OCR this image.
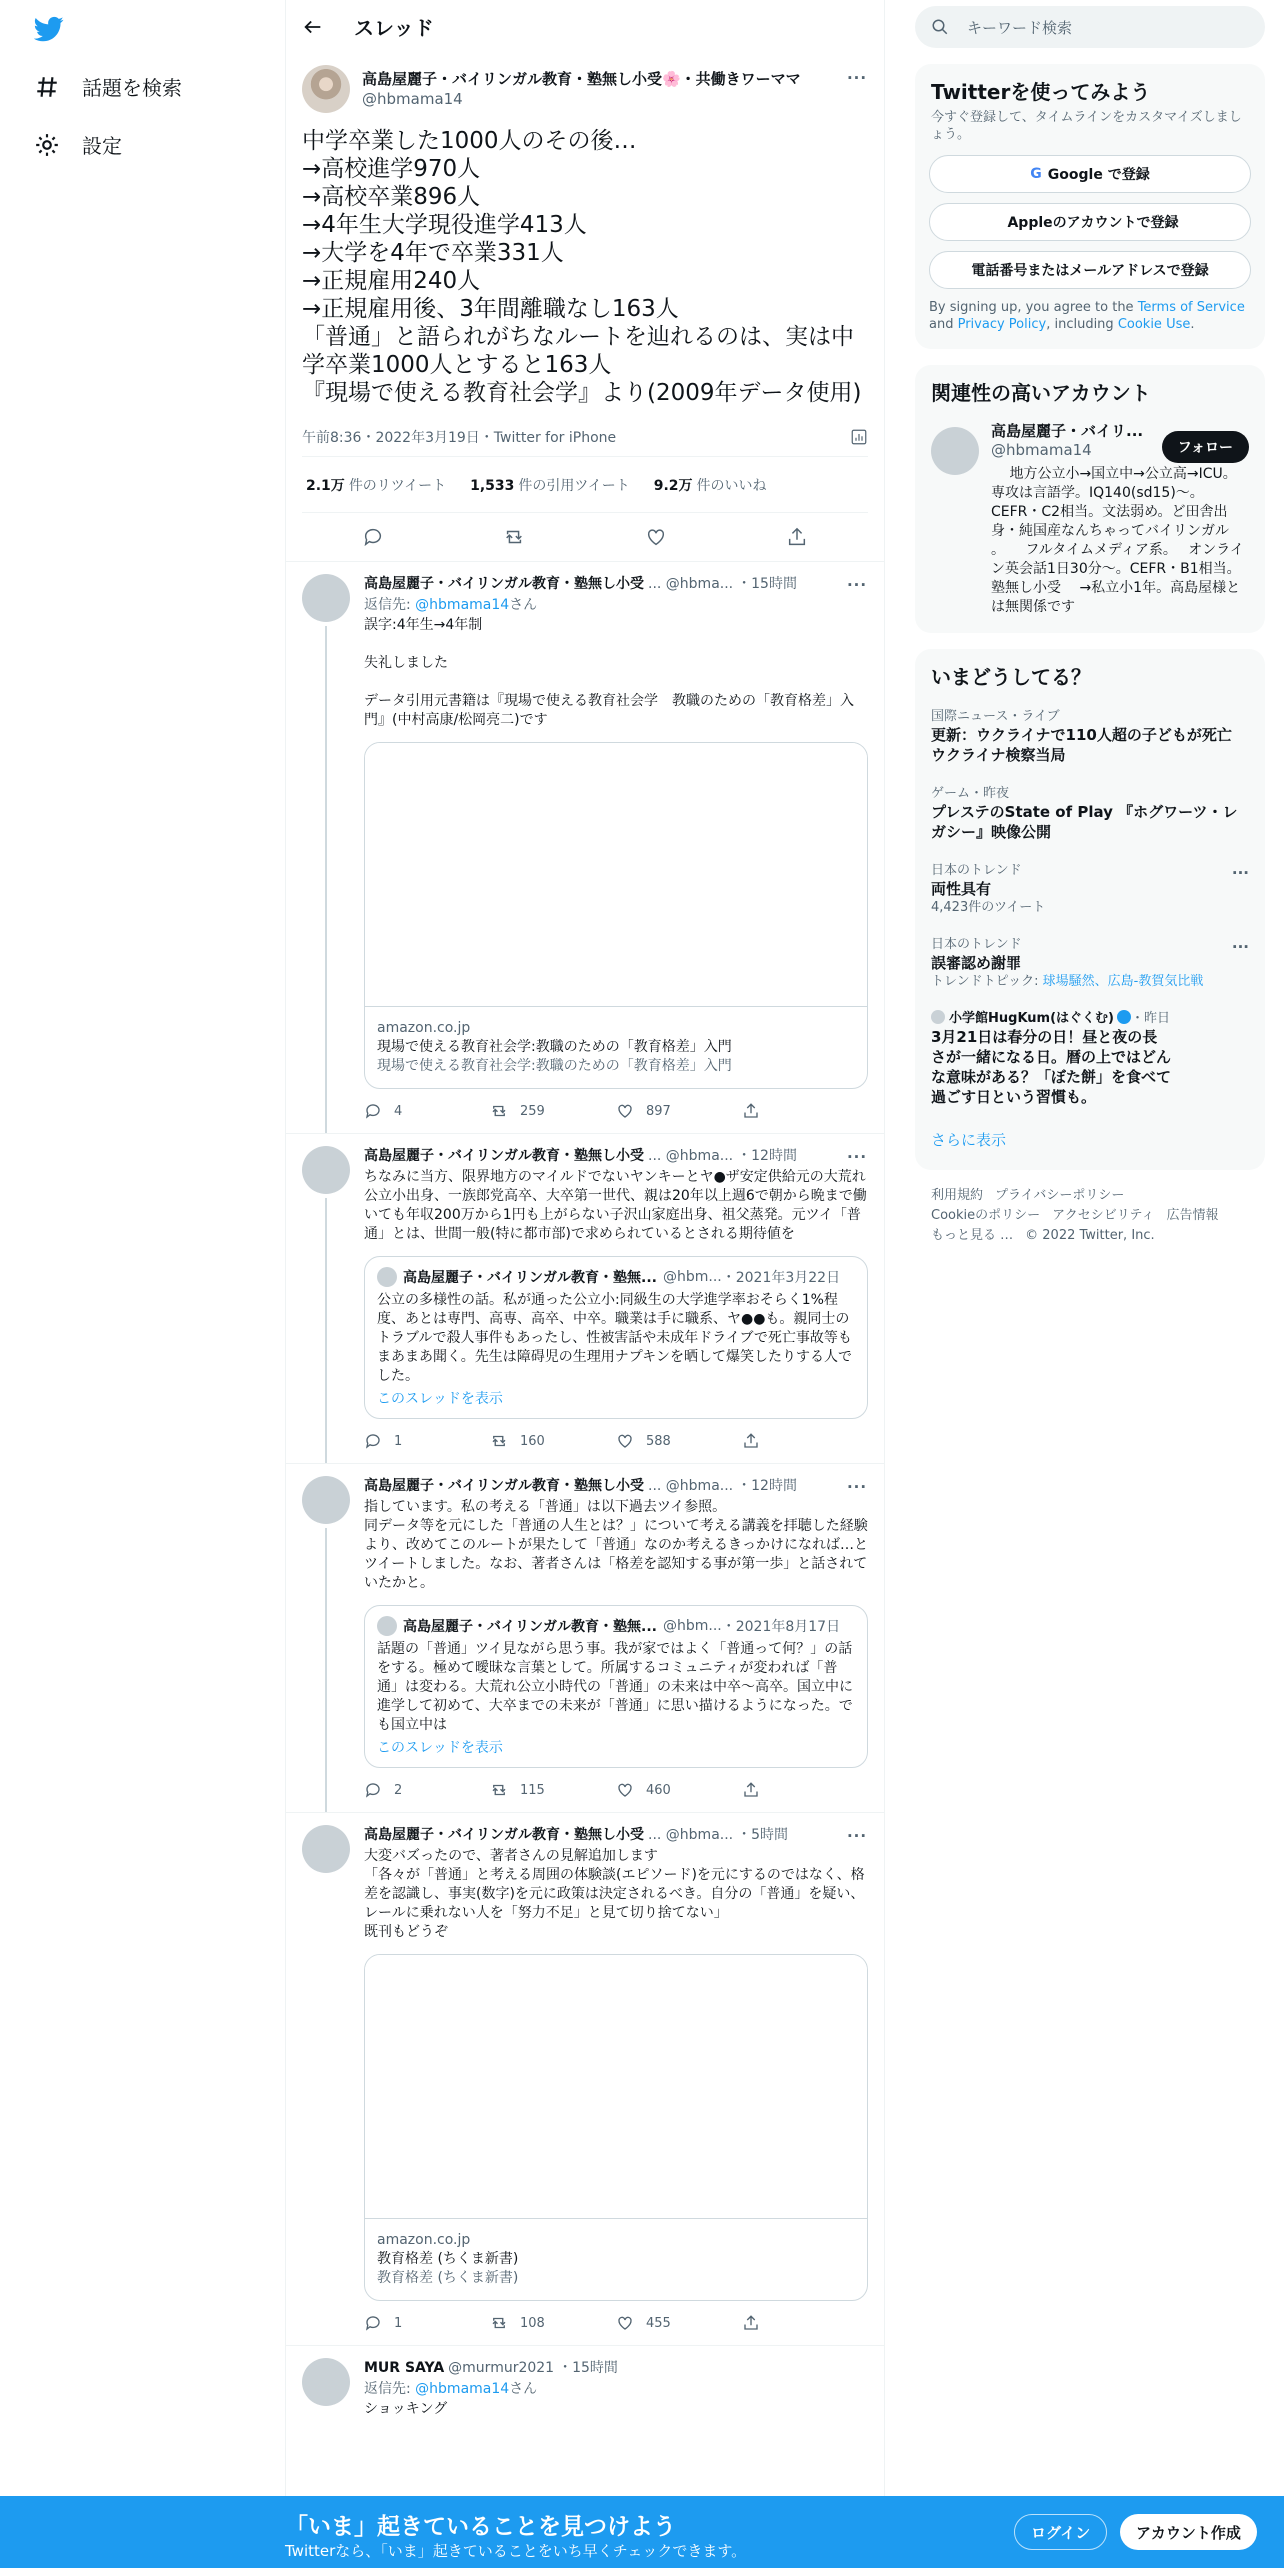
話題を検索
設定
スレッド
高島屋麗子・バイリンガル教育・塾無し小受🌸・共働きワーママ
@hbmama14
···
中学卒業した1000人のその後…
→高校進学970人
→高校卒業896人
→4年生大学現役進学413人
→大学を4年で卒業331人
→正規雇用240人
→正規雇用後、3年間離職なし163人
「普通」と語られがちなルートを辿れるのは、実は中学卒業1000人とすると163人
『現場で使える教育社会学』より(2009年データ使用)
午前8:36・2022年3月19日・Twitter for iPhone
2.1万 件のリツイート 1,533 件の引用ツイート 9.2万 件のいいね
高島屋麗子・バイリンガル教育・塾無し小受 ... @hbma... ・15時間	···
返信先: @hbmama14さん
誤字:4年生→4年制

失礼しました

データ引用元書籍は『現場で使える教育社会学　教職のための「教育格差」入門』(中村高康/松岡亮二)です
amazon.co.jp
現場で使える教育社会学:教職のための「教育格差」入門
現場で使える教育社会学:教職のための「教育格差」入門
4	259	897
高島屋麗子・バイリンガル教育・塾無し小受 ... @hbma... ・12時間	···
ちなみに当方、限界地方のマイルドでないヤンキーとヤ●ザ安定供給元の大荒れ公立小出身、一族郎党高卒、大卒第一世代、親は20年以上週6で朝から晩まで働いても年収200万から1円も上がらない子沢山家庭出身、祖父蒸発。元ツイ「普通」とは、世間一般(特に都市部)で求められているとされる期待値を
高島屋麗子・バイリンガル教育・塾無... @hbm... ・2021年3月22日
公立の多様性の話。私が通った公立小:同級生の大学進学率おそらく1%程度、あとは専門、高専、高卒、中卒。職業は手に職系、ヤ●●も。親同士のトラブルで殺人事件もあったし、性被害話や未成年ドライブで死亡事故等もまあまあ聞く。先生は障碍児の生理用ナプキンを晒して爆笑したりする人でした。
このスレッドを表示
1	160	588
高島屋麗子・バイリンガル教育・塾無し小受 ... @hbma... ・12時間	···
指しています。私の考える「普通」は以下過去ツイ参照。
同データ等を元にした「普通の人生とは？」について考える講義を拝聴した経験より、改めてこのルートが果たして「普通」なのか考えるきっかけになれば…とツイートしました。なお、著者さんは「格差を認知する事が第一歩」と話されていたかと。
高島屋麗子・バイリンガル教育・塾無... @hbm... ・2021年8月17日
話題の「普通」ツイ見ながら思う事。我が家ではよく「普通って何？」の話をする。極めて曖昧な言葉として。所属するコミュニティが変われば「普通」は変わる。大荒れ公立小時代の「普通」の未来は中卒〜高卒。国立中に進学して初めて、大卒までの未来が「普通」に思い描けるようになった。でも国立中は
このスレッドを表示
2	115	460
高島屋麗子・バイリンガル教育・塾無し小受 ... @hbma... ・5時間	···
大変バズったので、著者さんの見解追加します
「各々が「普通」と考える周囲の体験談(エピソード)を元にするのではなく、格差を認識し、事実(数字)を元に政策は決定されるべき。自分の「普通」を疑い、レールに乗れない人を「努力不足」と見て切り捨てない」
既刊もどうぞ
amazon.co.jp
教育格差 (ちくま新書)
教育格差 (ちくま新書)
1	108	455
MUR SAYA @murmur2021 ・15時間
返信先: @hbmama14さん
ショッキング
キーワード検索
Twitterを使ってみよう

今すぐ登録して、タイムラインをカスタマイズしましょう。

G Google で登録
Appleのアカウントで登録
電話番号またはメールアドレスで登録
By signing up, you agree to the Terms of Service and Privacy Policy, including Cookie Use.
関連性の高いアカウント
高島屋麗子・バイリ...
@hbmama14	フォロー
　 地方公立小→国立中→公立高→ICU。専攻は言語学。IQ140(sd15)〜。CEFR・C2相当。文法弱め。ど田舎出身・純国産なんちゃってバイリンガル　 。　   フルタイムメディア系。　 オンライン英会話1日30分〜。CEFR・B1相当。塾無し小受　 →私立小1年。高島屋様とは無関係です
いまどうしてる？
国際ニュース・ライブ
更新：ウクライナで110人超の子どもが死亡 ウクライナ検察当局
ゲーム・昨夜
プレステのState of Play 『ホグワーツ・レガシー』映像公開
日本のトレンド
両性具有
4,423件のツイート
···
日本のトレンド
誤審認め謝罪
トレンドトピック: 球場騒然、広島-教賀気比戦
···
小学館HugKum(はぐくむ) ・昨日
3月21日は春分の日！昼と夜の長さが一緒になる日。暦の上ではどんな意味がある？「ぼた餅」を食べて過ごす日という習慣も。
さらに表示
利用規約 プライバシーポリシー
Cookieのポリシー アクセシビリティ 広告情報
もっと見る … © 2022 Twitter, Inc.
「いま」起きていることを見つけよう
Twitterなら、「いま」起きていることをいち早くチェックできます。
ログイン	アカウント作成
